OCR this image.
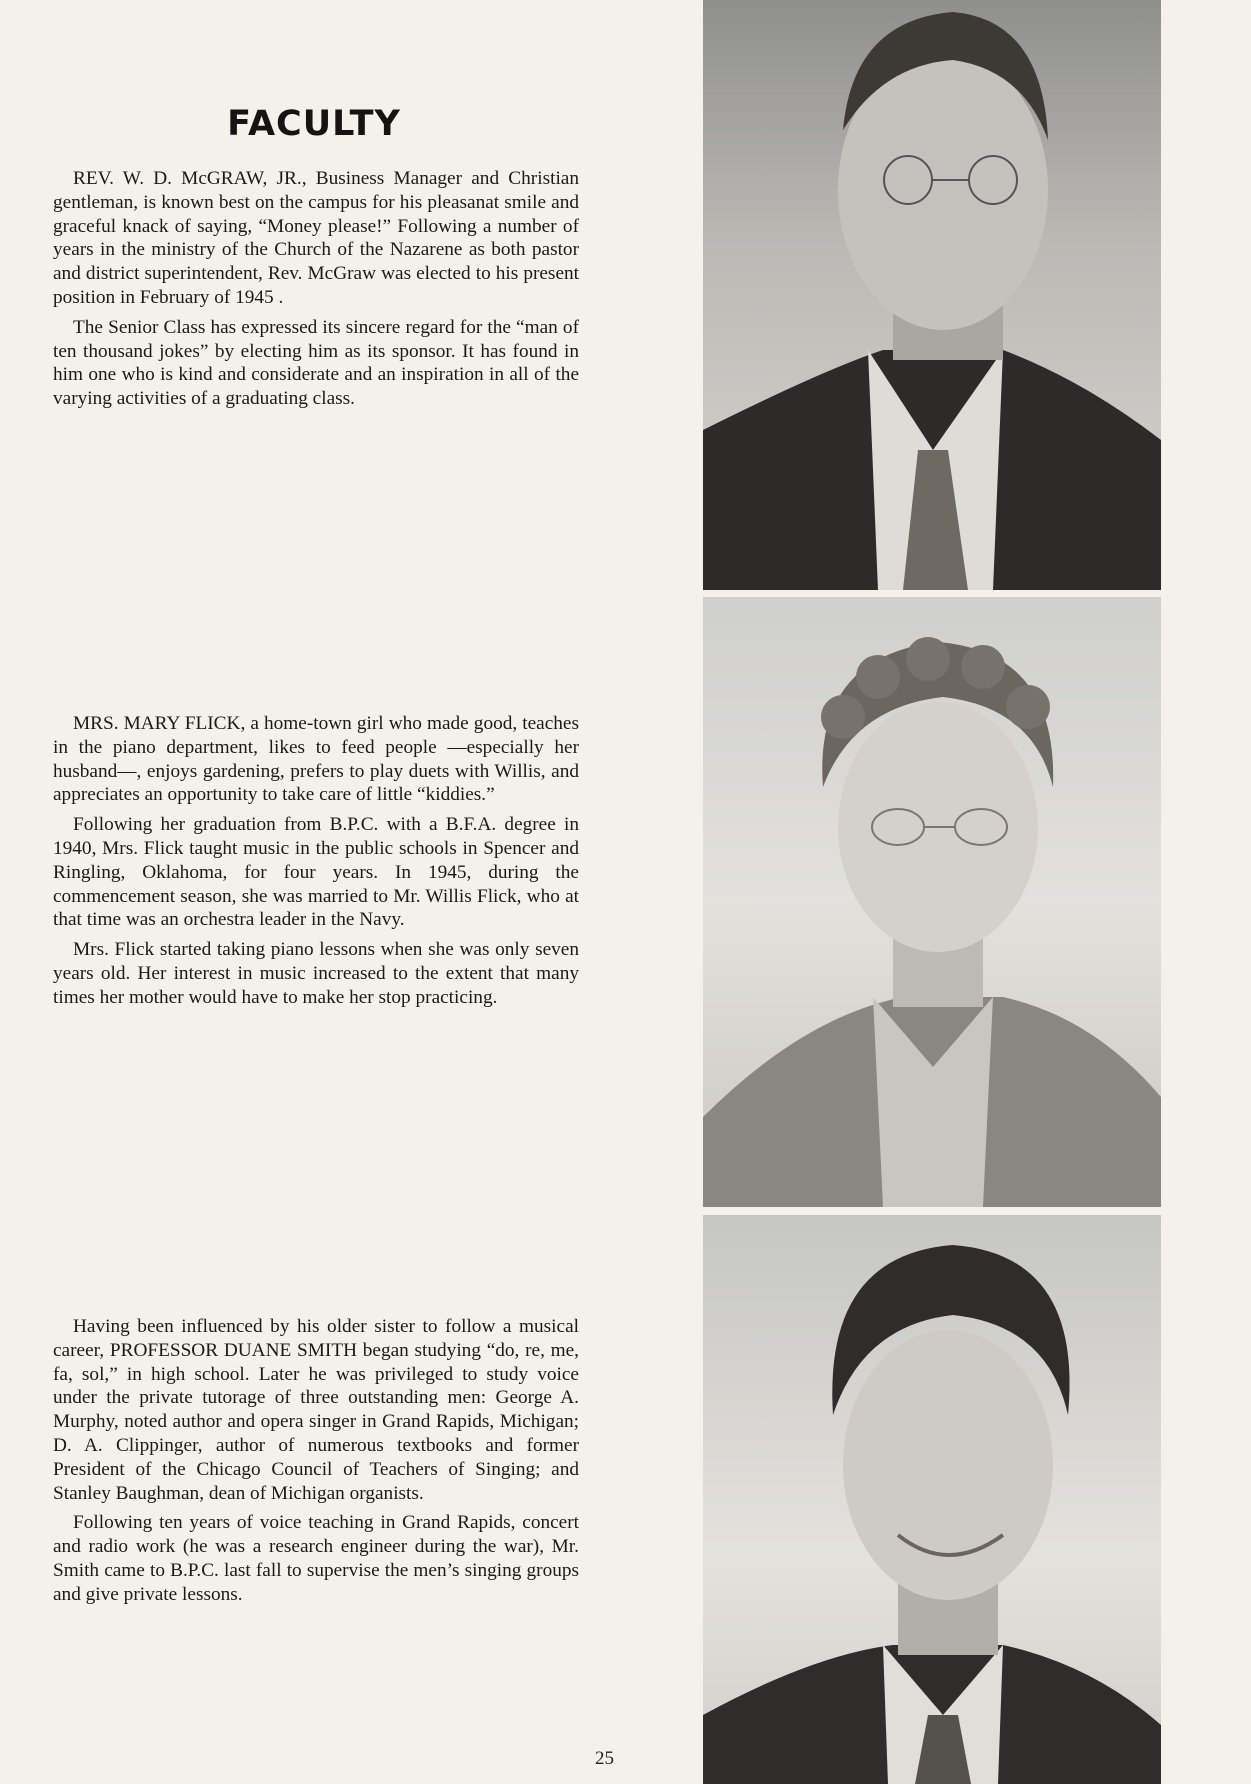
FACULTY

REV. W. D. McGRAW, JR., Business Manager and Christian gentleman, is known best on the campus for his pleasanat smile and graceful knack of saying, “Money please!” Following a number of years in the ministry of the Church of the Nazarene as both pastor and district superintendent, Rev. McGraw was elected to his present position in February of 1945 .

The Senior Class has expressed its sincere regard for the “man of ten thousand jokes” by electing him as its sponsor. It has found in him one who is kind and considerate and an inspiration in all of the varying activities of a graduating class.

MRS. MARY FLICK, a home-town girl who made good, teaches in the piano department, likes to feed people —especially her husband—, enjoys gardening, prefers to play duets with Willis, and appreciates an opportunity to take care of little “kiddies.”

Following her graduation from B.P.C. with a B.F.A. degree in 1940, Mrs. Flick taught music in the public schools in Spencer and Ringling, Oklahoma, for four years. In 1945, during the commencement season, she was married to Mr. Willis Flick, who at that time was an orchestra leader in the Navy.

Mrs. Flick started taking piano lessons when she was only seven years old. Her interest in music increased to the extent that many times her mother would have to make her stop practicing.

Having been influenced by his older sister to follow a musical career, PROFESSOR DUANE SMITH began studying “do, re, me, fa, sol,” in high school. Later he was privileged to study voice under the private tutorage of three outstanding men: George A. Murphy, noted author and opera singer in Grand Rapids, Michigan; D. A. Clippinger, author of numerous textbooks and former President of the Chicago Council of Teachers of Singing; and Stanley Baughman, dean of Michigan organists.

Following ten years of voice teaching in Grand Rapids, concert and radio work (he was a research engineer during the war), Mr. Smith came to B.P.C. last fall to supervise the men’s singing groups and give private lessons.

25
